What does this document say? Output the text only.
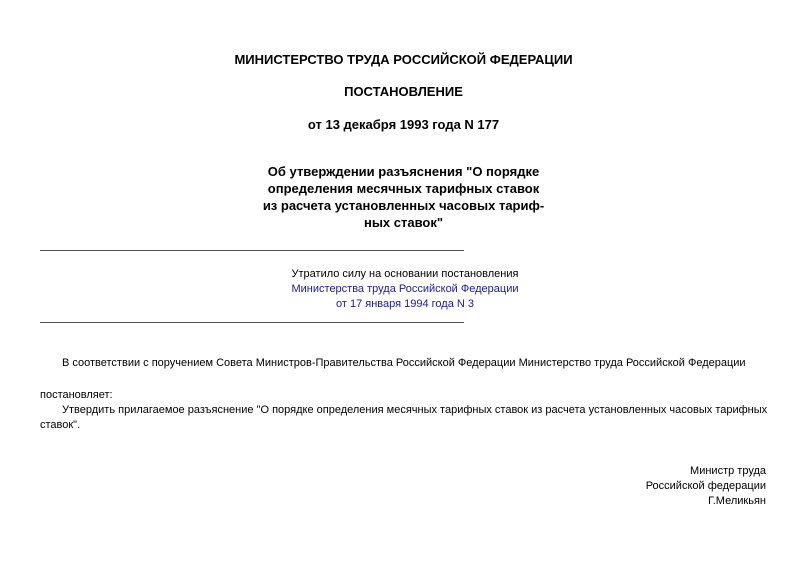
МИНИСТЕРСТВО ТРУДА РОССИЙСКОЙ ФЕДЕРАЦИИ
ПОСТАНОВЛЕНИЕ
от 13 декабря 1993 года N 177
Об утверждении разъяснения "О порядке
определения месячных тарифных ставок
из расчета установленных часовых тариф-
ных ставок"
Утратило силу на основании постановления
Министерства труда Российской Федерации
от 17 января 1994 года N 3
В соответствии с поручением Совета Министров-Правительства Российской Федерации Министерство труда Российской Федерации
постановляет:
Утвердить прилагаемое разъяснение "О порядке определения месячных тарифных ставок из расчета установленных часовых тарифных
ставок".
Министр труда
Российской федерации
Г.Меликьян
